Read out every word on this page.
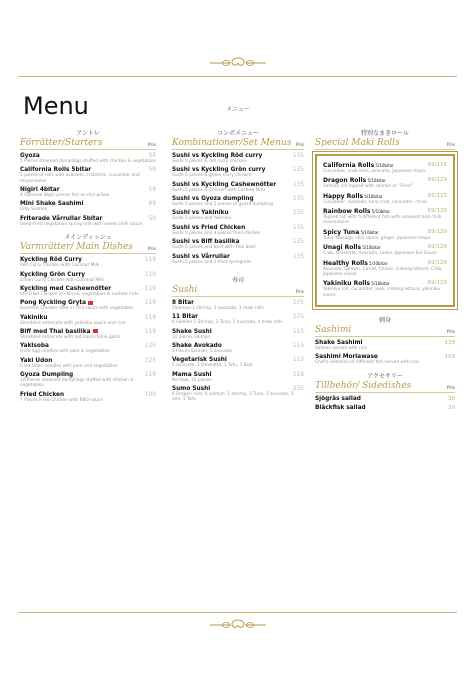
Menu	メニュー
アントレ
Förrätter/Starters	Pris
Gyoza	55
5 Pieces steamed dumplings stuffed with chicken & vegetables
California Rolls 5bitar	59
5 pieces of rolls with avocado, crabstick, cucumber and mayonnaise
Nigiri 4bitar	59
4 Optional Nigiri pieces fish on rice pillow
Mini Shake Sashimi	69
Only Salmon
Friterade Vårrullar 5bitar	59
Deep-fried vegetarian spring rolls with sweet chilli sauce
メインディッシュ
Varmrätter/ Main Dishes	Pris
Kyckling Röd Curry	119
Red Curry Chicken with Coconut Milk
Kyckling Grön Curry	119
Green Curry Chicken with Coconut Milk
Kyckling med Cashewnötter	119
Stir-Fried Chicken in chili oil, vegetables & cashew nuts
Pong Kyckling Gryta	119
Gourmet Chicken stew in chili sauce with vegetables
Yakiniku	119
Shredded entrecote with yakiniku sauce and rice
Biff med Thai basilika	119
Shredded entrecote with hot basil chili & garlic
Yakisoba	125
Fried egg noodles with pork & vegetables
Yaki Udon	125
Fried Udon noodles with pork and vegetables
Gyoza Dumpling	119
10 Pieces steamed dumplings stuffed with chicken & vegetables
Fried Chicken	109
7 Pieces Fried Chicken with BBQ sauce
コンボメニュー
Kombinationer/Set Menus Pris
Sushi vs Kyckling Röd curry	135
Sushi 5 pieces & red curry chicken
Sushi vs Kyckling Grön curry	135
Sushi 5 pieces & green curry chicken
Sushi vs Kyckling Cashewnötter	135
Sushi 5 pieces & Chicken with Cashew Nuts
Sushi vs Gyoza dumpling	135
Sushi 5 pieces and 5 pieces of gyoza dumpling
Sushi vs Yakiniku	135
Sushi 5 pieces and Yakiniku
Sushi vs Fried Chicken	135
Sushi 5 pieces and 4 pieces fried chicken
Sushi vs Biff basilika	135
Sushi 5 pieces and beef with Thai basil
Sushi vs Vårrullar	135
Sushi 5 pieces and 3 fried springrolls
寿司
Sushi	Pris
8 Bitar	105
5Salmon 1 shrimp, 1 avocado, 1 maki rolls
11 Bitar	125
6 Salmon 1 Shrimp, 1 Tuna, 1 avocado, 4 maki rolls
Shake Sushi	115
10 pieces Salmon
Shake Avokado	115
5 Pieces Salmon, 5 avocado
Vegetarisk Sushi	115
5 avocado, 2 Omelette, 1 Tofu, 3 Kola
Mama Sushi	119
No Raw, 10 pieces
Sumo Sushi	235
6 Dragon rolls, 6 salmon, 1 shrimp, 3 Tuna, 3 avocado, 3 ami, 1 Tofu
特別なまきロール
Special Maki Rolls	Pris
California Rolls 5/10bitar	69/115
Cucumber, crab stick, avocado, Japanese mayo
Dragon Rolls 5/10bitar	69/129
Salmon roll topped with salmon or "Fried"
Happy Rolls 5/10bitar	65/115
Cucumber, avocado, tuna crab, coriander, chive
Rainbow Rolls 5/10bitar	69/129
Topped roll with 5 different fish with seaweed and chilli mayonnaise
Spicy Tuna 5/10bitar	69/129
Tuna, Wasago, chili sauce, ginger, Japanese mayo
Unagi Rolls 5/10bitar	69/129
Crab, Omelette, Avocado, Leeks, Japanese Eel Sauce
Healthy Rolls 5/10bitar	69/129
Avocado, Salmon, Carrot, Chives, Iceberg lettuce, Crab, Japanese sauce
Yakiniku Rolls 5/10bitar	69/129
Yakiniku roll, cucumber, leek, iceberg lettuce, yakiniku sauce
刺身
Sashimi	Pris
Shake Sashimi	139
Salmon served with rice
Sashimi Moriawase	159
Chef's selection of different fish served with rice
アクセサリー
Tillbehör/ Sidedishes	Pris
Sjögräs sallad	30
Bläckfisk sallad	30
